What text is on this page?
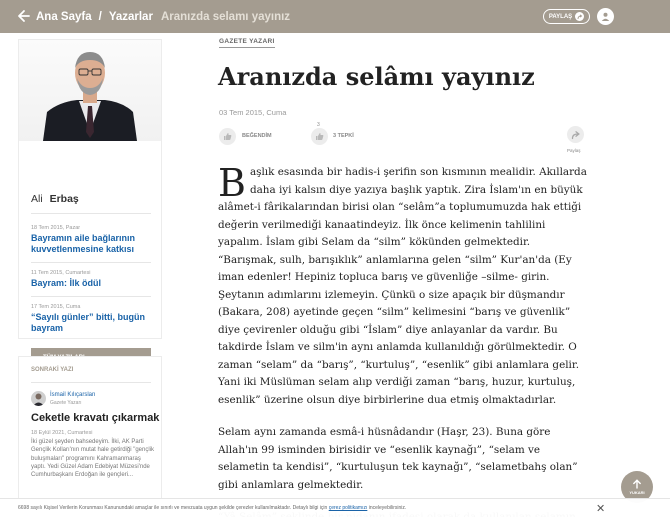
Ana Sayfa / Yazarlar Aranızda selamı yayınız	PAYLAŞ
Ali Erbaş
18 Tem 2015, Pazar
Bayramın aile bağlarının kuvvetlenmesine katkısı
11 Tem 2015, Cumartesi
Bayram: İlk ödül
17 Tem 2015, Cuma
“Sayılı günler” bitti, bugün bayram
SONRAKİ YAZI
İsmail Kılıçarslan
Gazete Yazarı
Ceketle kravatı çıkarmak
18 Eylül 2021, Cumartesi
İki güzel şeyden bahsedeyim. İlki, AK Parti Gençlik Kolları'nın mutat hale getirdiği "gençlik buluşmaları" programını Kahramanmaraş yaptı. Yedi Güzel Adam Edebiyat Müzesi'nde Cumhurbaşkanı Erdoğan ile gençleri...
GAZETE YAZARI
Aranızda selâmı yayınız
03 Tem 2015, Cuma
BEĞENDİM
3
3 TEPKİ
Paylaş

Başlık esasında bir hadis-i şerifin son kısmının mealidir. Akıllarda daha iyi kalsın diye yazıya başlık yaptık. Zira İslam'ın en büyük alâmet-i fârikalarından birisi olan “selâm”a toplumumuzda hak ettiği değerin verilmediği kanaatindeyiz. İlk önce kelimenin tahlilini yapalım. İslam gibi Selam da “silm” kökünden gelmektedir. “Barışmak, sulh, barışıklık” anlamlarına gelen “silm” Kur'an'da (Ey iman edenler! Hepiniz topluca barış ve güvenliğe –silme- girin. Şeytanın adımlarını izlemeyin. Çünkü o size apaçık bir düşmandır (Bakara, 208) ayetinde geçen “silm” kelimesini “barış ve güvenlik” diye çevirenler olduğu gibi “İslam” diye anlayanlar da vardır. Bu takdirde İslam ve silm'in aynı anlamda kullanıldığı görülmektedir. O zaman “selam” da “barış”, “kurtuluş”, “esenlik” gibi anlamlara gelir. Yani iki Müslüman selam alıp verdiği zaman “barış, huzur, kurtuluş, esenlik” üzerine olsun diye birbirlerine dua etmiş olmaktadırlar.

Selam aynı zamanda esmâ-i hüsnâdandır (Haşr, 23). Buna göre Allah'ın 99 isminden birisidir ve “esenlik kaynağı”, “selam ve selametin ta kendisi”, “kurtuluşun tek kaynağı”, “selametbahş olan” gibi anlamlara gelmektedir.

YUKARI
6698 sayılı Kişisel Verilerin Korunması Kanunundaki amaçlar ile sınırlı ve mevzuata uygun şekilde çerezler kullanılmaktadır. Detaylı bilgi için çerez politikamızı inceleyebilirsiniz.	✕
